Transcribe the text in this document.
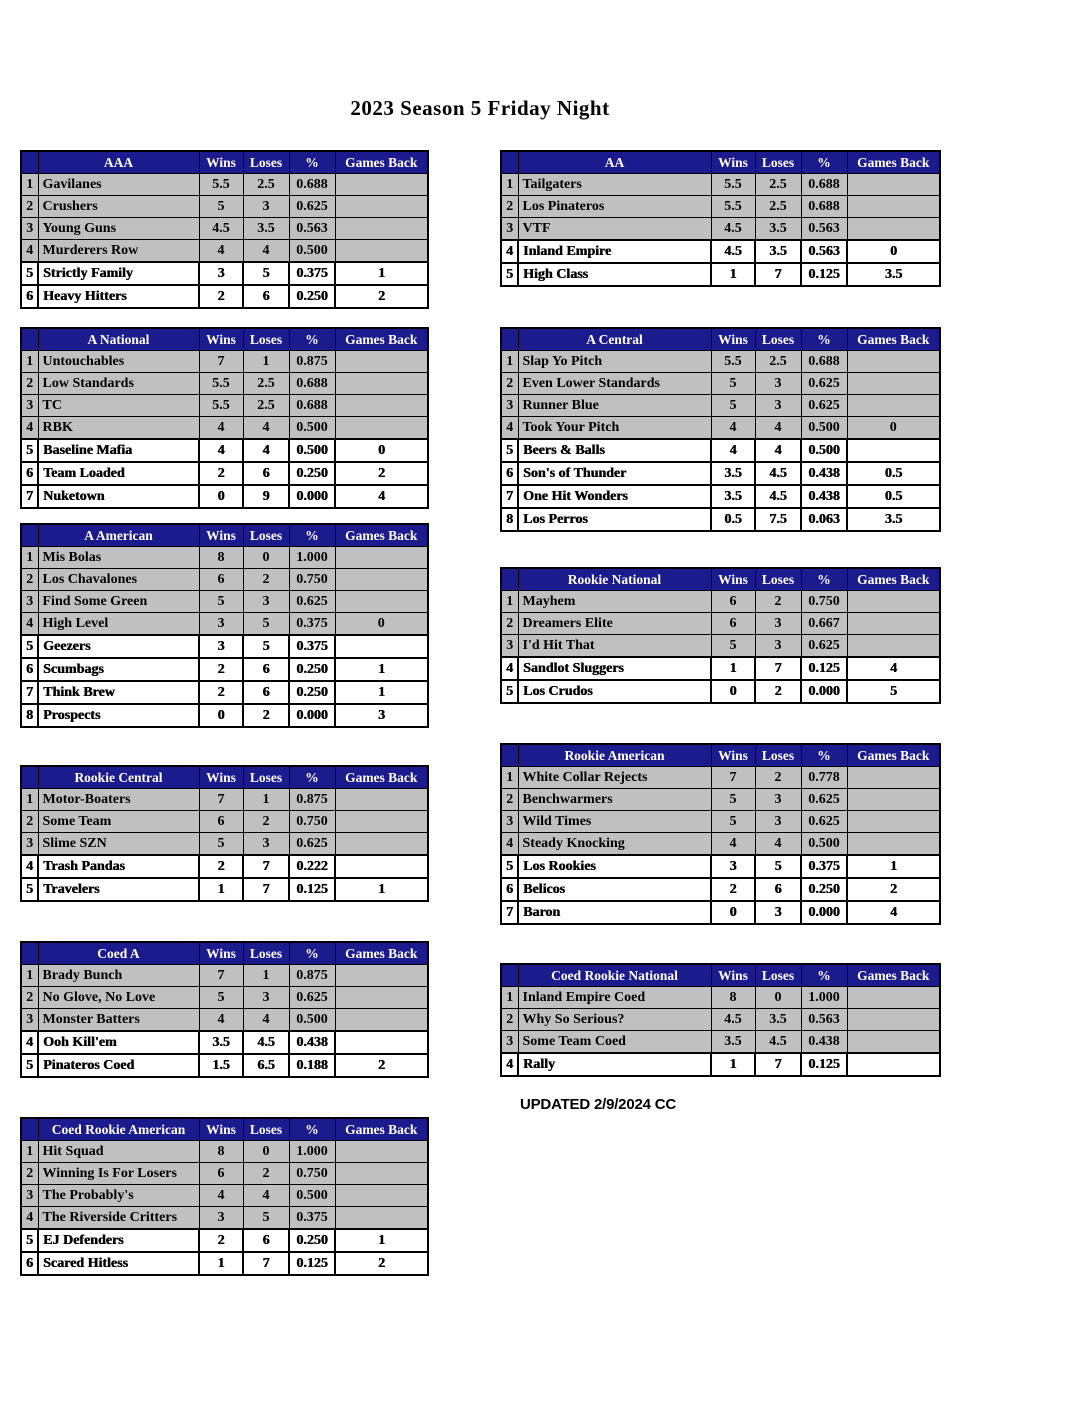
2023 Season 5 Friday Night
	AAA	Wins	Loses	%	Games Back
1	Gavilanes	5.5	2.5	0.688	
2	Crushers	5	3	0.625	
3	Young Guns	4.5	3.5	0.563	
4	Murderers Row	4	4	0.500	
5	Strictly Family	3	5	0.375	1
6	Heavy Hitters	2	6	0.250	2
	A National	Wins	Loses	%	Games Back
1	Untouchables	7	1	0.875	
2	Low Standards	5.5	2.5	0.688	
3	TC	5.5	2.5	0.688	
4	RBK	4	4	0.500	
5	Baseline Mafia	4	4	0.500	0
6	Team Loaded	2	6	0.250	2
7	Nuketown	0	9	0.000	4
	A American	Wins	Loses	%	Games Back
1	Mis Bolas	8	0	1.000	
2	Los Chavalones	6	2	0.750	
3	Find Some Green	5	3	0.625	
4	High Level	3	5	0.375	0
5	Geezers	3	5	0.375	
6	Scumbags	2	6	0.250	1
7	Think Brew	2	6	0.250	1
8	Prospects	0	2	0.000	3
	Rookie Central	Wins	Loses	%	Games Back
1	Motor-Boaters	7	1	0.875	
2	Some Team	6	2	0.750	
3	Slime SZN	5	3	0.625	
4	Trash Pandas	2	7	0.222	
5	Travelers	1	7	0.125	1
	Coed A	Wins	Loses	%	Games Back
1	Brady Bunch	7	1	0.875	
2	No Glove, No Love	5	3	0.625	
3	Monster Batters	4	4	0.500	
4	Ooh Kill'em	3.5	4.5	0.438	
5	Pinateros Coed	1.5	6.5	0.188	2
	Coed Rookie American	Wins	Loses	%	Games Back
1	Hit Squad	8	0	1.000	
2	Winning Is For Losers	6	2	0.750	
3	The Probably's	4	4	0.500	
4	The Riverside Critters	3	5	0.375	
5	EJ Defenders	2	6	0.250	1
6	Scared Hitless	1	7	0.125	2
	AA	Wins	Loses	%	Games Back
1	Tailgaters	5.5	2.5	0.688	
2	Los Pinateros	5.5	2.5	0.688	
3	VTF	4.5	3.5	0.563	
4	Inland Empire	4.5	3.5	0.563	0
5	High Class	1	7	0.125	3.5
	A Central	Wins	Loses	%	Games Back
1	Slap Yo Pitch	5.5	2.5	0.688	
2	Even Lower Standards	5	3	0.625	
3	Runner Blue	5	3	0.625	
4	Took Your Pitch	4	4	0.500	0
5	Beers & Balls	4	4	0.500	
6	Son's of Thunder	3.5	4.5	0.438	0.5
7	One Hit Wonders	3.5	4.5	0.438	0.5
8	Los Perros	0.5	7.5	0.063	3.5
	Rookie National	Wins	Loses	%	Games Back
1	Mayhem	6	2	0.750	
2	Dreamers Elite	6	3	0.667	
3	I'd Hit That	5	3	0.625	
4	Sandlot Sluggers	1	7	0.125	4
5	Los Crudos	0	2	0.000	5
	Rookie American	Wins	Loses	%	Games Back
1	White Collar Rejects	7	2	0.778	
2	Benchwarmers	5	3	0.625	
3	Wild Times	5	3	0.625	
4	Steady Knocking	4	4	0.500	
5	Los Rookies	3	5	0.375	1
6	Belicos	2	6	0.250	2
7	Baron	0	3	0.000	4
	Coed Rookie National	Wins	Loses	%	Games Back
1	Inland Empire Coed	8	0	1.000	
2	Why So Serious?	4.5	3.5	0.563	
3	Some Team Coed	3.5	4.5	0.438	
4	Rally	1	7	0.125	
UPDATED 2/9/2024 CC
